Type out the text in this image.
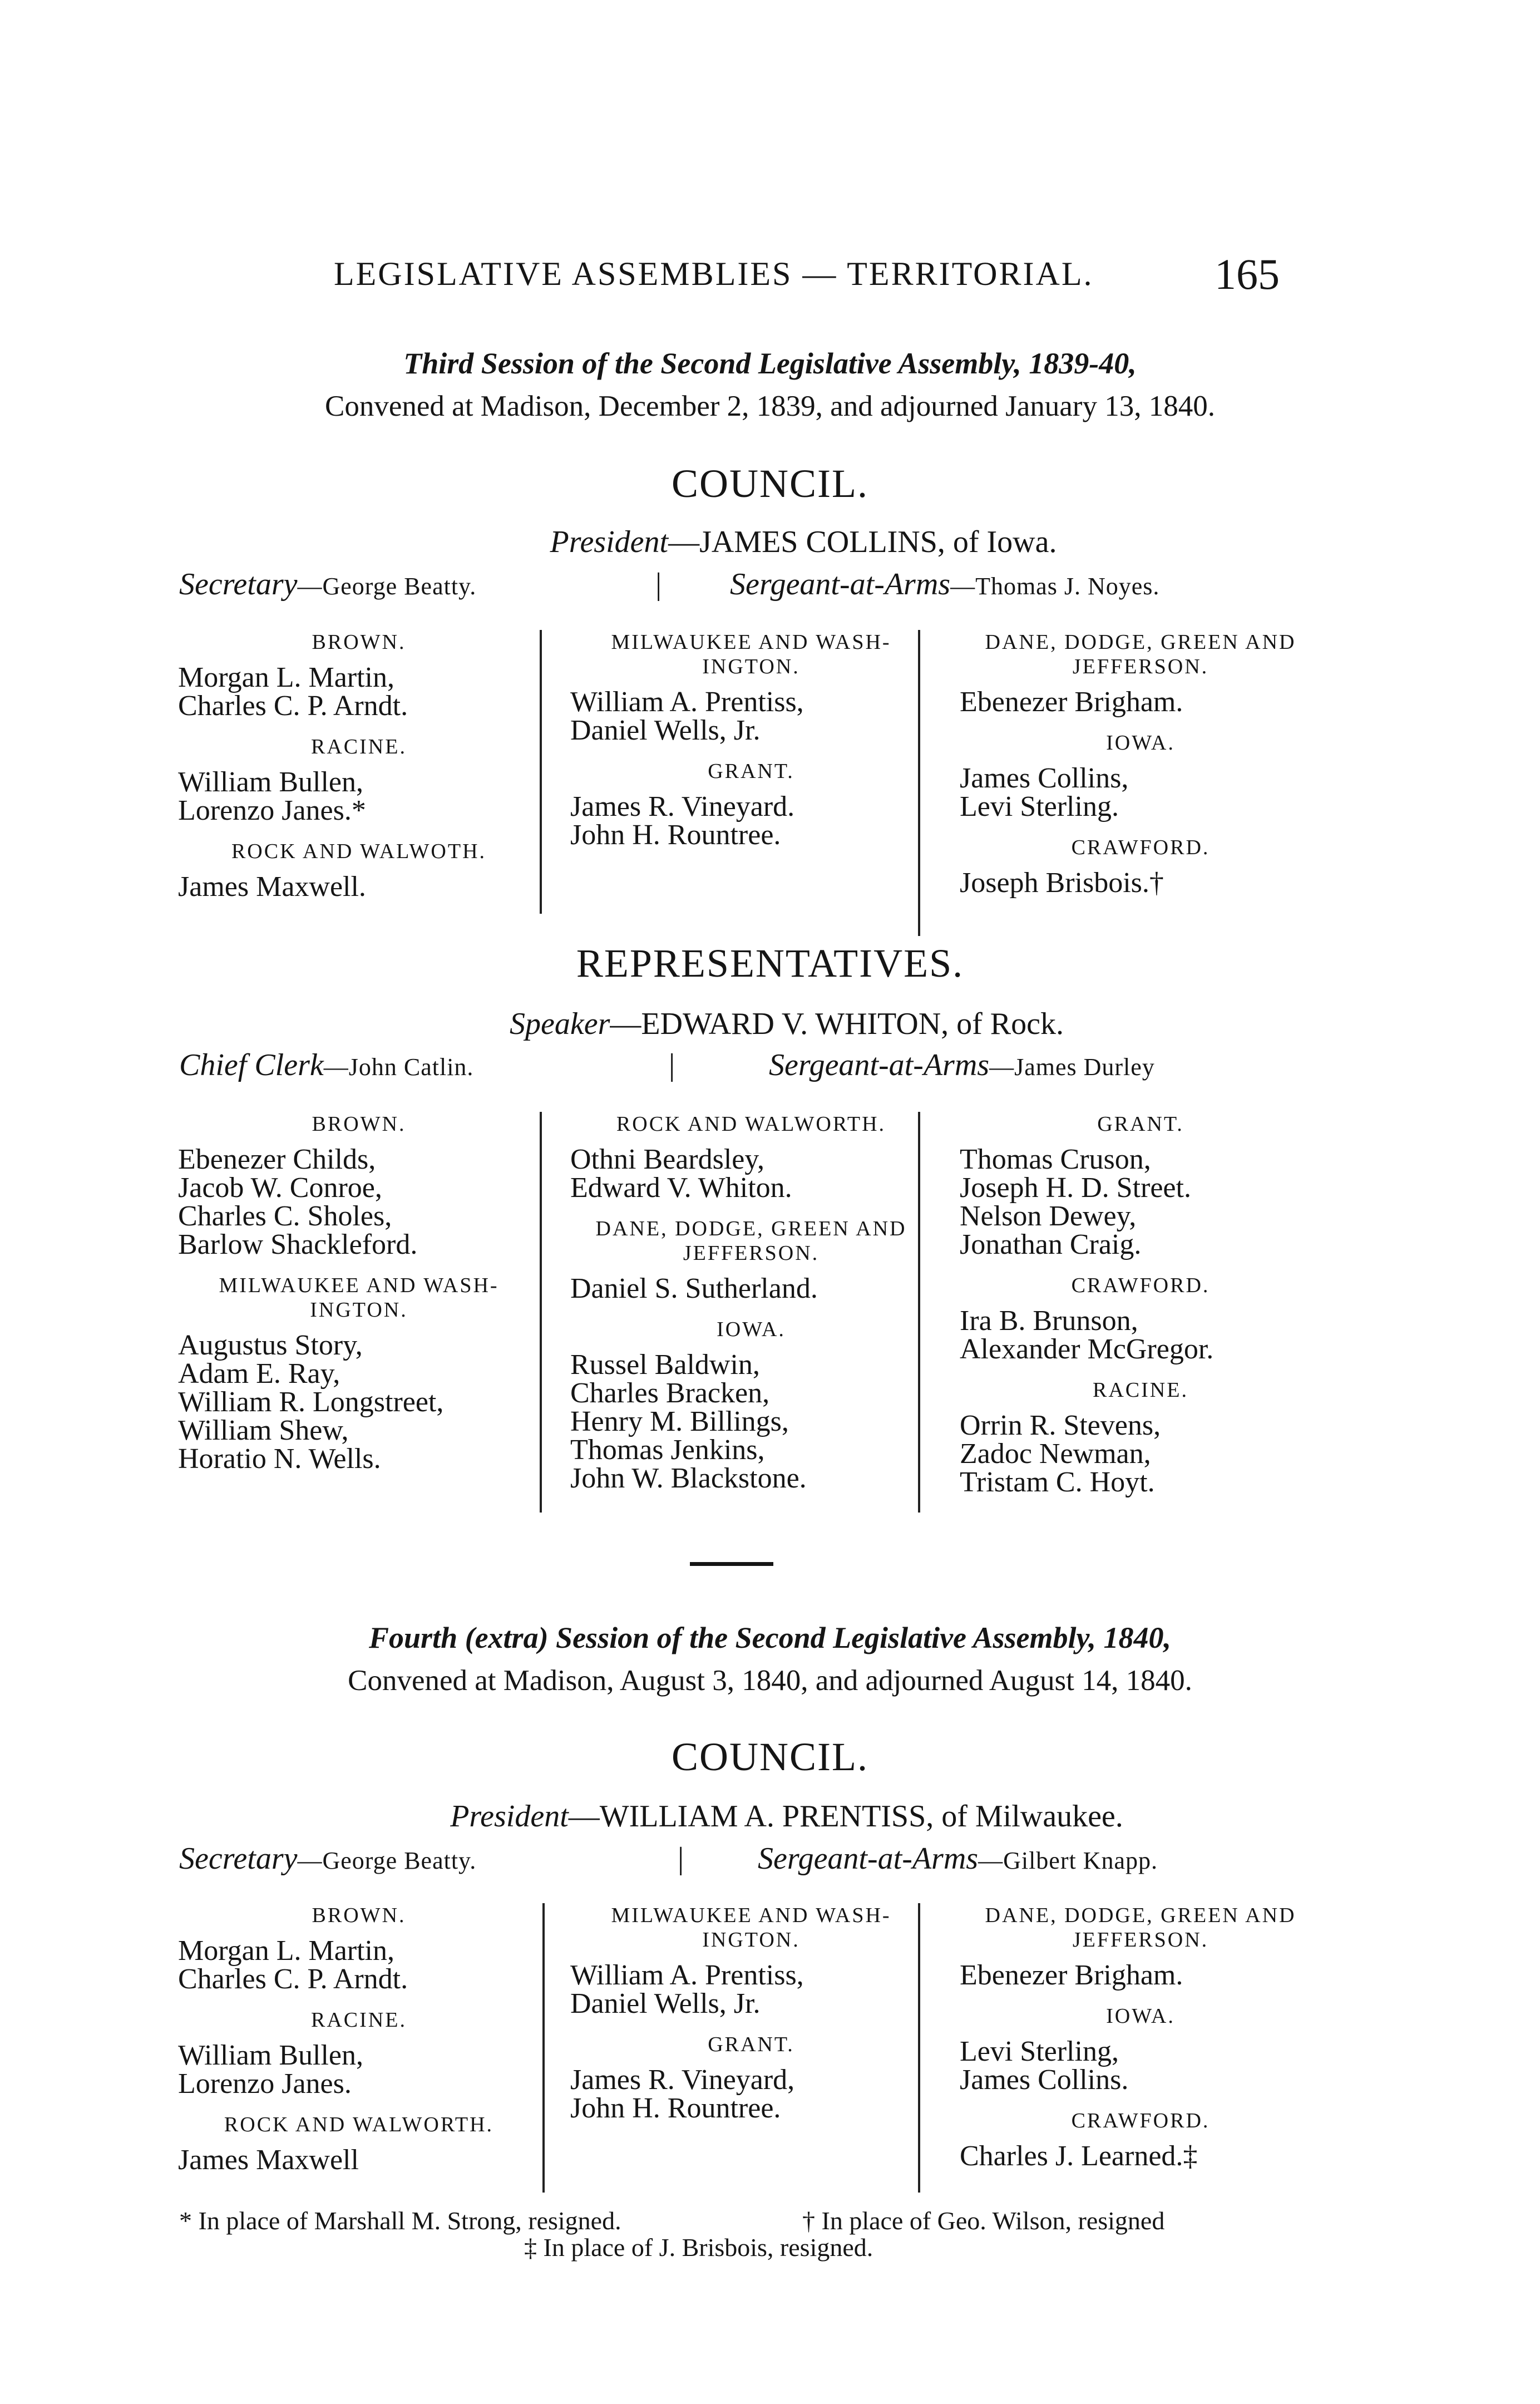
LEGISLATIVE ASSEMBLIES — TERRITORIAL.	165
Third Session of the Second Legislative Assembly, 1839-40,
Convened at Madison, December 2, 1839, and adjourned January 13, 1840.
COUNCIL.
President—JAMES COLLINS, of Iowa.
Secretary—George Beatty.	| Sergeant-at-Arms—Thomas J. Noyes.
BROWN.
Morgan L. Martin,
Charles C. P. Arndt.
RACINE.
William Bullen,
Lorenzo Janes.*
ROCK AND WALWOTH.
James Maxwell.
MILWAUKEE AND WASH-INGTON.
William A. Prentiss,
Daniel Wells, Jr.
GRANT.
James R. Vineyard.
John H. Rountree.
DANE, DODGE, GREEN AND JEFFERSON.
Ebenezer Brigham.
IOWA.
James Collins,
Levi Sterling.
CRAWFORD.
Joseph Brisbois.†
REPRESENTATIVES.
Speaker—EDWARD V. WHITON, of Rock.
Chief Clerk—John Catlin.	|	Sergeant-at-Arms—James Durley
BROWN.
Ebenezer Childs,
Jacob W. Conroe,
Charles C. Sholes,
Barlow Shackleford.
MILWAUKEE AND WASH-INGTON.
Augustus Story,
Adam E. Ray,
William R. Longstreet,
William Shew,
Horatio N. Wells.
ROCK AND WALWORTH.
Othni Beardsley,
Edward V. Whiton.
DANE, DODGE, GREEN AND JEFFERSON.
Daniel S. Sutherland.
IOWA.
Russel Baldwin,
Charles Bracken,
Henry M. Billings,
Thomas Jenkins,
John W. Blackstone.
GRANT.
Thomas Cruson,
Joseph H. D. Street.
Nelson Dewey,
Jonathan Craig.
CRAWFORD.
Ira B. Brunson,
Alexander McGregor.
RACINE.
Orrin R. Stevens,
Zadoc Newman,
Tristam C. Hoyt.
Fourth (extra) Session of the Second Legislative Assembly, 1840,
Convened at Madison, August 3, 1840, and adjourned August 14, 1840.
COUNCIL.
President—WILLIAM A. PRENTISS, of Milwaukee.
Secretary—George Beatty.	| Sergeant-at-Arms—Gilbert Knapp.
BROWN.
Morgan L. Martin,
Charles C. P. Arndt.
RACINE.
William Bullen,
Lorenzo Janes.
ROCK AND WALWORTH.
James Maxwell
MILWAUKEE AND WASH-INGTON.
William A. Prentiss,
Daniel Wells, Jr.
GRANT.
James R. Vineyard,
John H. Rountree.
DANE, DODGE, GREEN AND JEFFERSON.
Ebenezer Brigham.
IOWA.
Levi Sterling,
James Collins.
CRAWFORD.
Charles J. Learned.‡
* In place of Marshall M. Strong, resigned.	† In place of Geo. Wilson, resigned
‡ In place of J. Brisbois, resigned.
